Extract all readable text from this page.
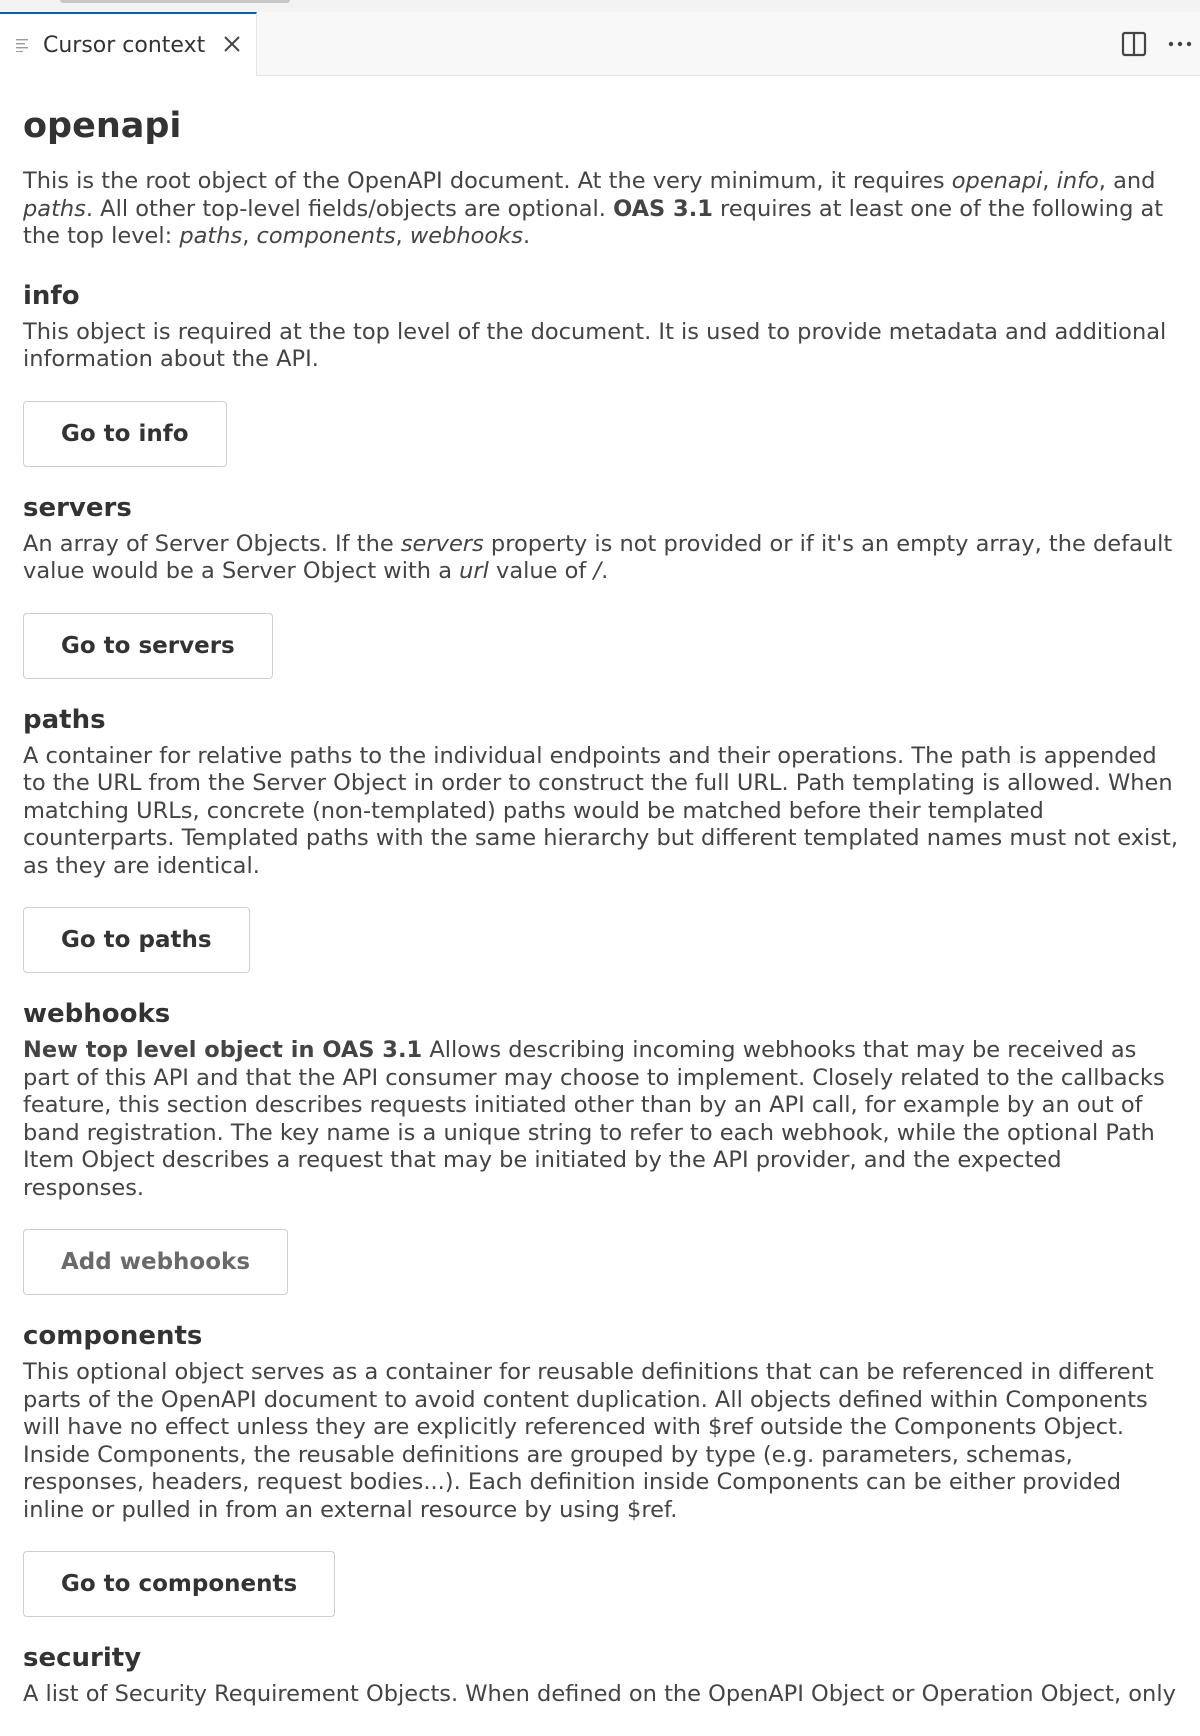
Cursor context
openapi

This is the root object of the OpenAPI document. At the very minimum, it requires openapi, info, and paths. All other top-level fields/objects are optional. OAS 3.1 requires at least one of the following at the top level: paths, components, webhooks.

info

This object is required at the top level of the document. It is used to provide metadata and additional information about the API.

Go to info
servers

An array of Server Objects. If the servers property is not provided or if it's an empty array, the default value would be a Server Object with a url value of /.

Go to servers
paths

A container for relative paths to the individual endpoints and their operations. The path is appended to the URL from the Server Object in order to construct the full URL. Path templating is allowed. When matching URLs, concrete (non-templated) paths would be matched before their templated counterparts. Templated paths with the same hierarchy but different templated names must not exist, as they are identical.

Go to paths
webhooks

New top level object in OAS 3.1 Allows describing incoming webhooks that may be received as part of this API and that the API consumer may choose to implement. Closely related to the callbacks feature, this section describes requests initiated other than by an API call, for example by an out of band registration. The key name is a unique string to refer to each webhook, while the optional Path Item Object describes a request that may be initiated by the API provider, and the expected responses.

Add webhooks
components

This optional object serves as a container for reusable definitions that can be referenced in different parts of the OpenAPI document to avoid content duplication. All objects defined within Components will have no effect unless they are explicitly referenced with $ref outside the Components Object. Inside Components, the reusable definitions are grouped by type (e.g. parameters, schemas, responses, headers, request bodies...). Each definition inside Components can be either provided inline or pulled in from an external resource by using $ref.

Go to components
security

A list of Security Requirement Objects. When defined on the OpenAPI Object or Operation Object, only
